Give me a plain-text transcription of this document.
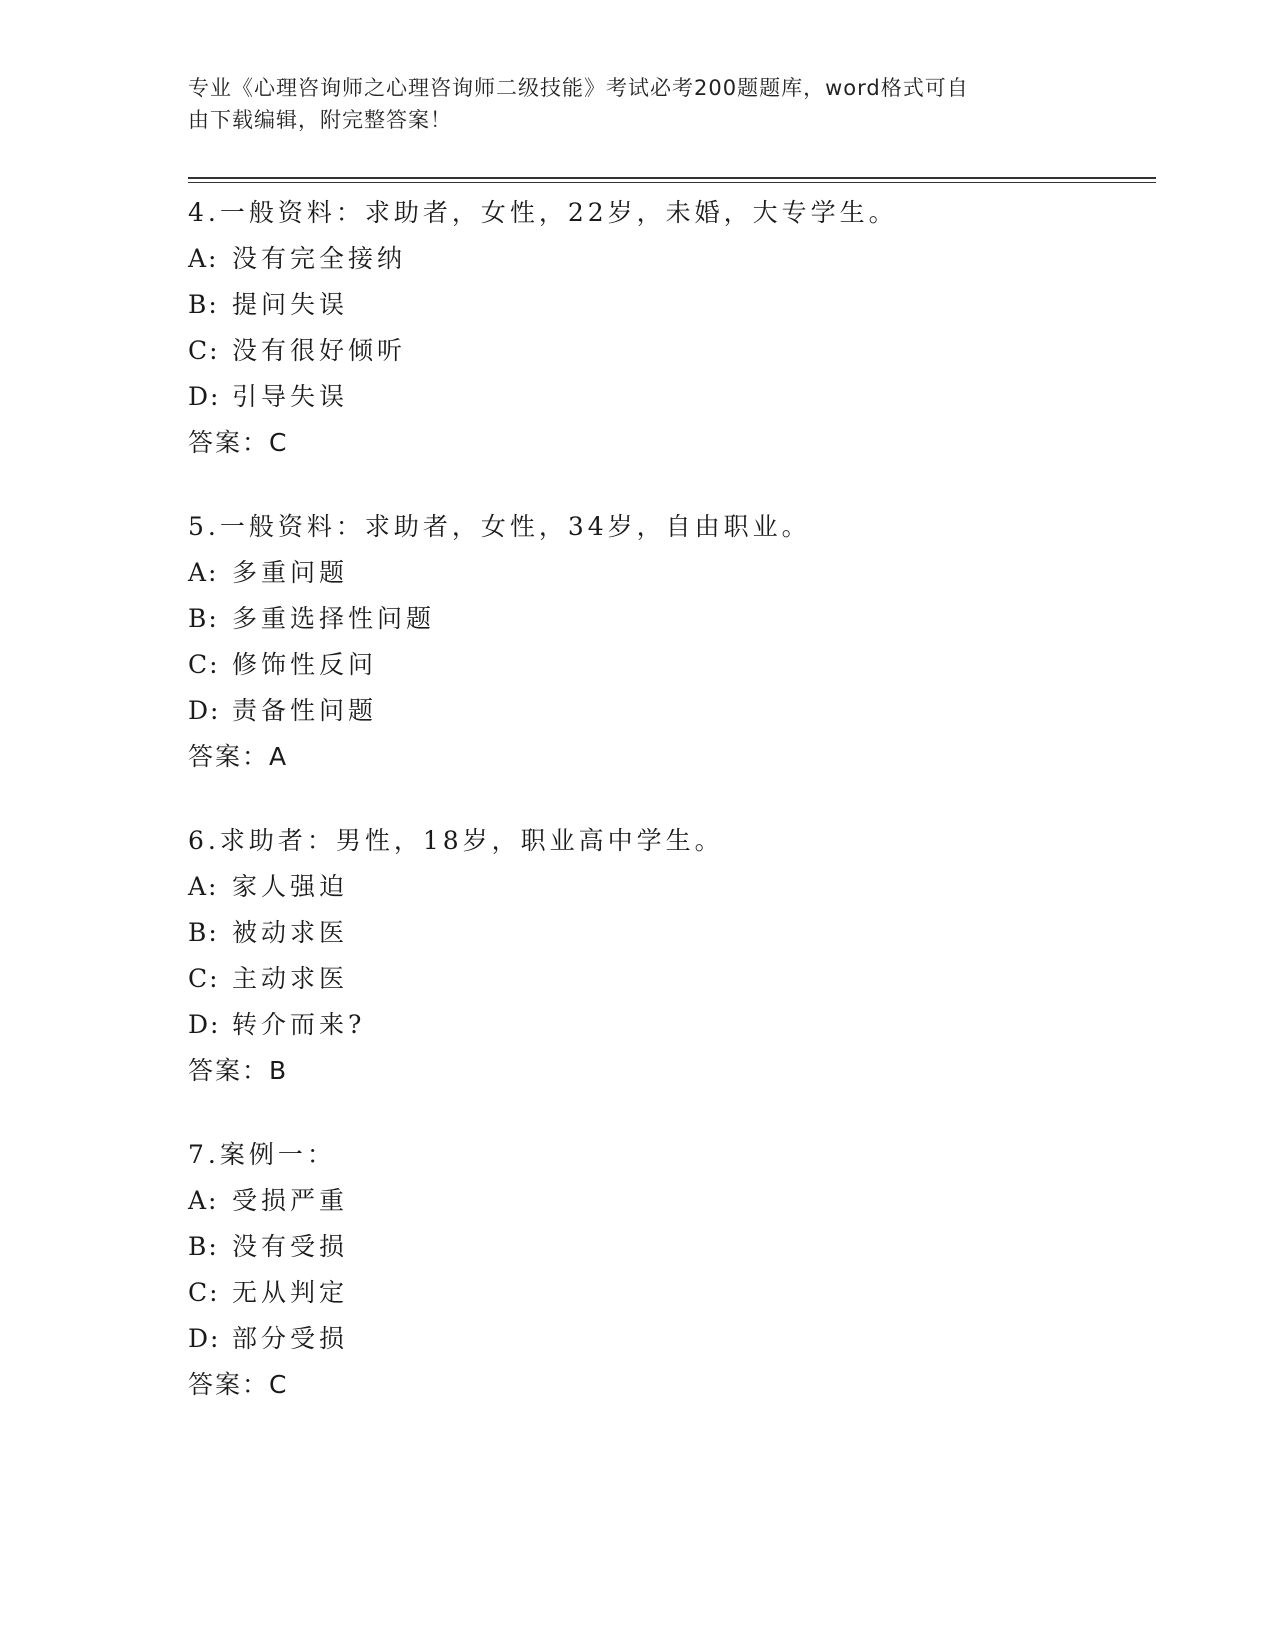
专业《心理咨询师之心理咨询师二级技能》考试必考200题题库，word格式可自
由下载编辑，附完整答案！
4.一般资料：求助者，女性，22岁，未婚，大专学生。
A: 没有完全接纳
B: 提问失误
C: 没有很好倾听
D: 引导失误
答案：C
5.一般资料：求助者，女性，34岁，自由职业。
A: 多重问题
B: 多重选择性问题
C: 修饰性反问
D: 责备性问题
答案：A
6.求助者：男性，18岁，职业高中学生。
A: 家人强迫
B: 被动求医
C: 主动求医
D: 转介而来?
答案：B
7.案例一：
A: 受损严重
B: 没有受损
C: 无从判定
D: 部分受损
答案：C
